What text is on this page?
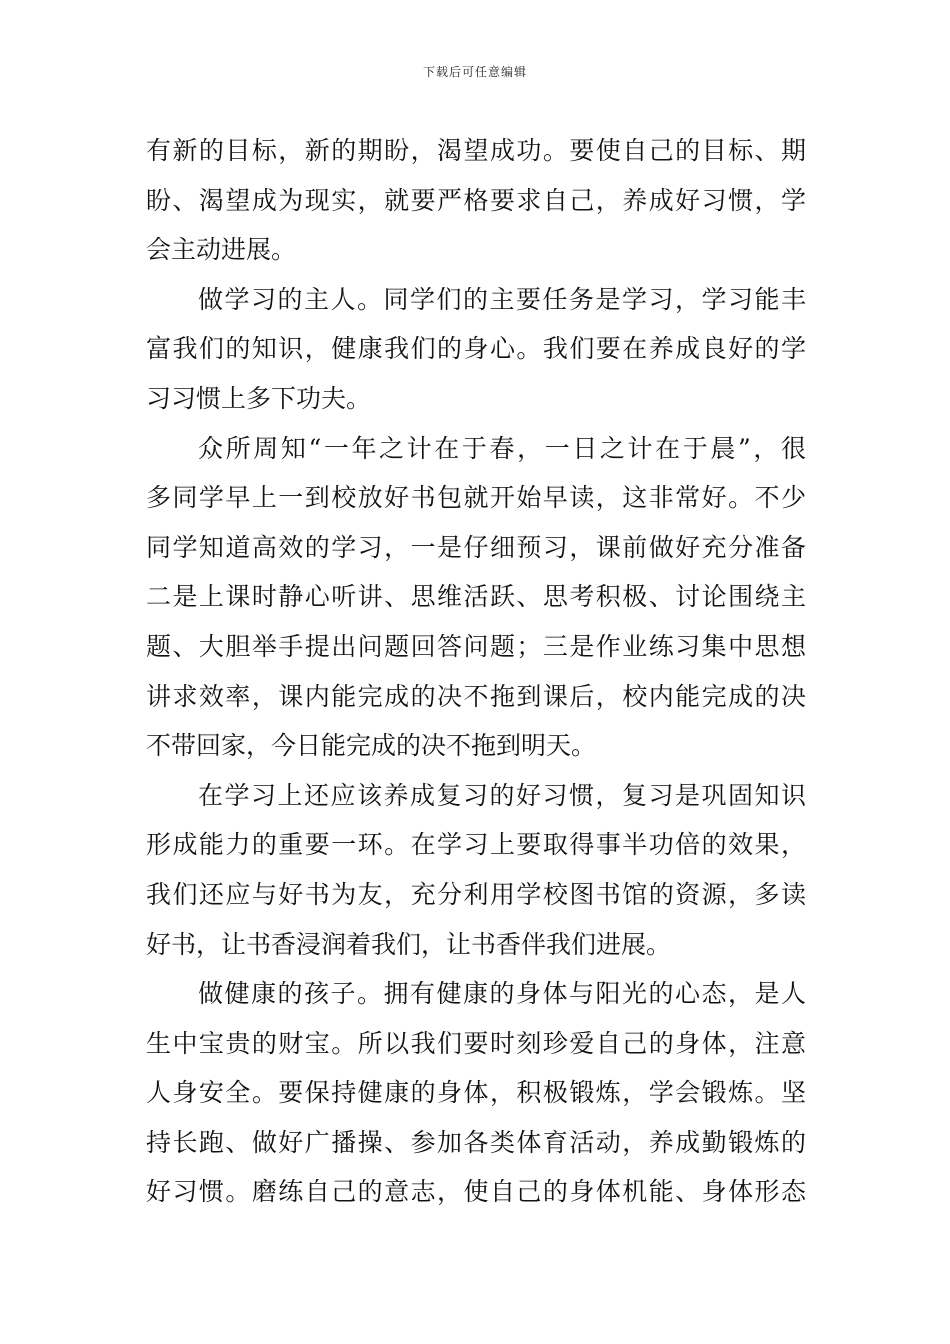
下载后可任意编辑
有新的目标，新的期盼，渴望成功。要使自己的目标、期
盼、渴望成为现实，就要严格要求自己，养成好习惯，学
会主动进展。
做学习的主人。同学们的主要任务是学习，学习能丰
富我们的知识，健康我们的身心。我们要在养成良好的学
习习惯上多下功夫。
众所周知“一年之计在于春，一日之计在于晨”，很
多同学早上一到校放好书包就开始早读，这非常好。不少
同学知道高效的学习，一是仔细预习，课前做好充分准备
二是上课时静心听讲、思维活跃、思考积极、讨论围绕主
题、大胆举手提出问题回答问题；三是作业练习集中思想
讲求效率，课内能完成的决不拖到课后，校内能完成的决
不带回家，今日能完成的决不拖到明天。
在学习上还应该养成复习的好习惯，复习是巩固知识
形成能力的重要一环。在学习上要取得事半功倍的效果，
我们还应与好书为友，充分利用学校图书馆的资源，多读
好书，让书香浸润着我们，让书香伴我们进展。
做健康的孩子。拥有健康的身体与阳光的心态，是人
生中宝贵的财宝。所以我们要时刻珍爱自己的身体，注意
人身安全。要保持健康的身体，积极锻炼，学会锻炼。坚
持长跑、做好广播操、参加各类体育活动，养成勤锻炼的
好习惯。磨练自己的意志，使自己的身体机能、身体形态
